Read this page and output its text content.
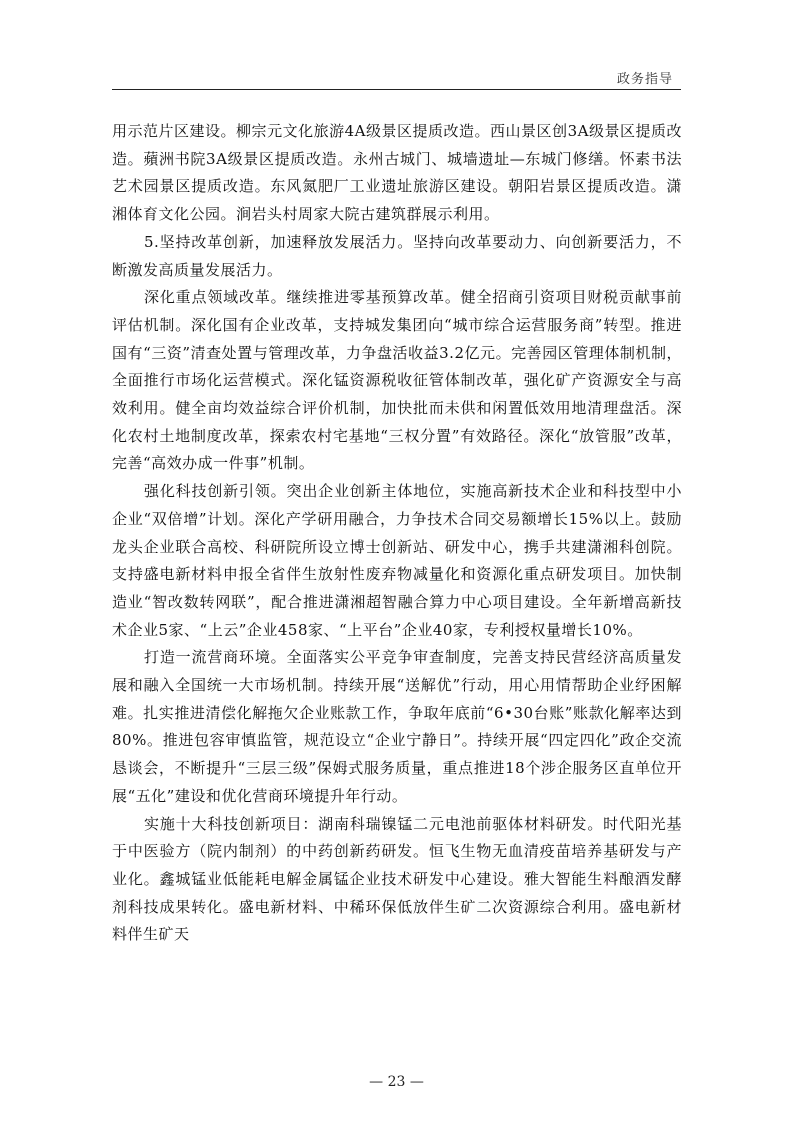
政务指导

用示范片区建设。柳宗元文化旅游4A级景区提质改造。西山景区创3A级景区提质改造。蘋洲书院3A级景区提质改造。永州古城门、城墙遗址—东城门修缮。怀素书法艺术园景区提质改造。东风氮肥厂工业遗址旅游区建设。朝阳岩景区提质改造。潇湘体育文化公园。涧岩头村周家大院古建筑群展示利用。

5.坚持改革创新，加速释放发展活力。坚持向改革要动力、向创新要活力，不断激发高质量发展活力。

深化重点领域改革。继续推进零基预算改革。健全招商引资项目财税贡献事前评估机制。深化国有企业改革，支持城发集团向“城市综合运营服务商”转型。推进国有“三资”清查处置与管理改革，力争盘活收益3.2亿元。完善园区管理体制机制，全面推行市场化运营模式。深化锰资源税收征管体制改革，强化矿产资源安全与高效利用。健全亩均效益综合评价机制，加快批而未供和闲置低效用地清理盘活。深化农村土地制度改革，探索农村宅基地“三权分置”有效路径。深化“放管服”改革，完善“高效办成一件事”机制。

强化科技创新引领。突出企业创新主体地位，实施高新技术企业和科技型中小企业“双倍增”计划。深化产学研用融合，力争技术合同交易额增长15%以上。鼓励龙头企业联合高校、科研院所设立博士创新站、研发中心，携手共建潇湘科创院。支持盛电新材料申报全省伴生放射性废弃物减量化和资源化重点研发项目。加快制造业“智改数转网联”，配合推进潇湘超智融合算力中心项目建设。全年新增高新技术企业5家、“上云”企业458家、“上平台”企业40家，专利授权量增长10%。

打造一流营商环境。全面落实公平竞争审查制度，完善支持民营经济高质量发展和融入全国统一大市场机制。持续开展“送解优”行动，用心用情帮助企业纾困解难。扎实推进清偿化解拖欠企业账款工作，争取年底前“6•30台账”账款化解率达到80%。推进包容审慎监管，规范设立“企业宁静日”。持续开展“四定四化”政企交流恳谈会，不断提升“三层三级”保姆式服务质量，重点推进18个涉企服务区直单位开展“五化”建设和优化营商环境提升年行动。

实施十大科技创新项目：湖南科瑞镍锰二元电池前驱体材料研发。时代阳光基于中医验方（院内制剂）的中药创新药研发。恒飞生物无血清疫苗培养基研发与产业化。鑫城锰业低能耗电解金属锰企业技术研发中心建设。雅大智能生料酿酒发酵剂科技成果转化。盛电新材料、中稀环保低放伴生矿二次资源综合利用。盛电新材料伴生矿天

— 23 —
